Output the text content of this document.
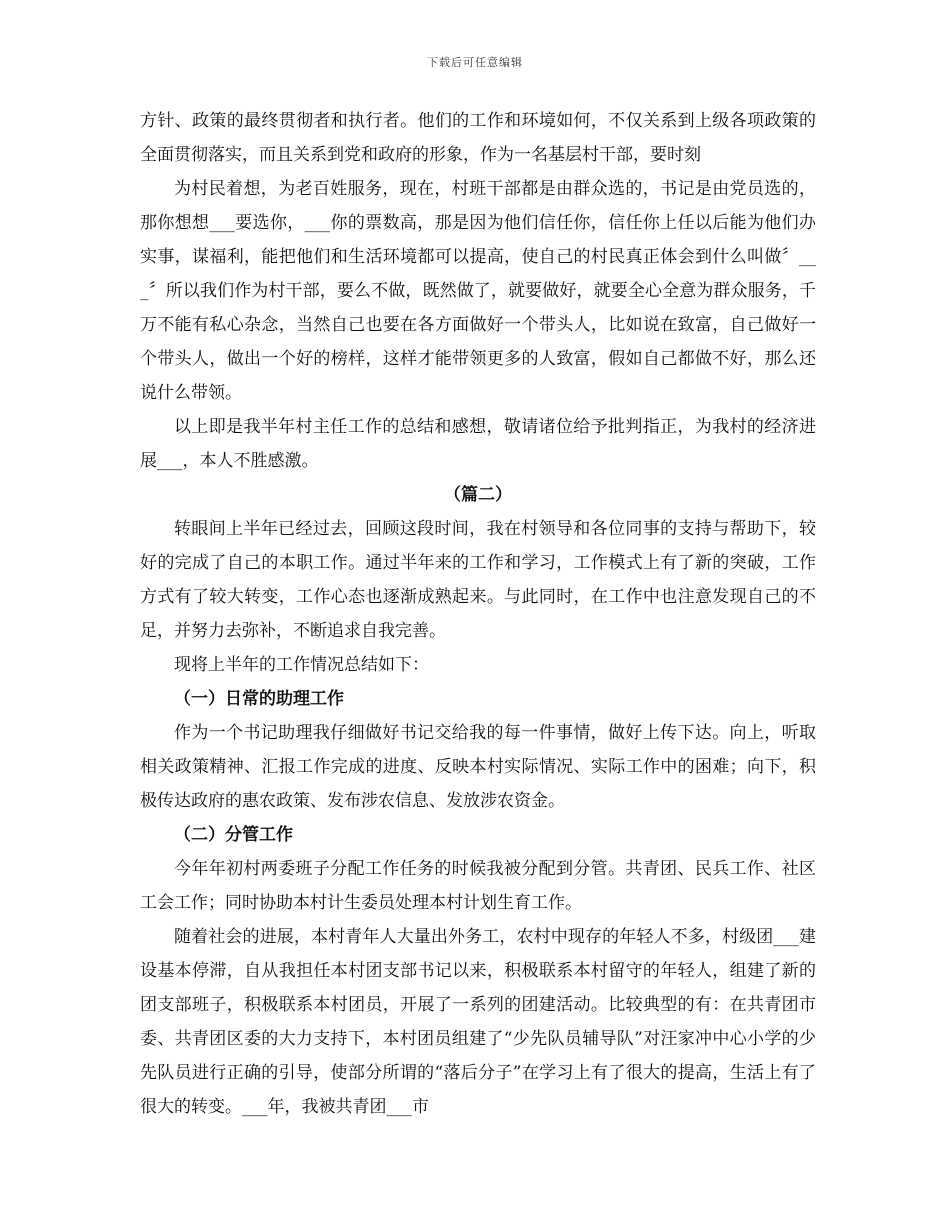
下载后可任意编辑

方针、政策的最终贯彻者和执行者。他们的工作和环境如何，不仅关系到上级各项政策的全面贯彻落实，而且关系到党和政府的形象，作为一名基层村干部，要时刻

为村民着想，为老百姓服务，现在，村班干部都是由群众选的，书记是由党员选的，那你想想___要选你，___你的票数高，那是因为他们信任你，信任你上任以后能为他们办实事，谋福利，能把他们和生活环境都可以提高，使自己的村民真正体会到什么叫做〞___〞所以我们作为村干部，要么不做，既然做了，就要做好，就要全心全意为群众服务，千万不能有私心杂念，当然自己也要在各方面做好一个带头人，比如说在致富，自己做好一个带头人，做出一个好的榜样，这样才能带领更多的人致富，假如自己都做不好，那么还说什么带领。

以上即是我半年村主任工作的总结和感想，敬请诸位给予批判指正，为我村的经济进展___，本人不胜感激。

（篇二）

转眼间上半年已经过去，回顾这段时间，我在村领导和各位同事的支持与帮助下，较好的完成了自己的本职工作。通过半年来的工作和学习，工作模式上有了新的突破，工作方式有了较大转变，工作心态也逐渐成熟起来。与此同时，在工作中也注意发现自己的不足，并努力去弥补，不断追求自我完善。

现将上半年的工作情况总结如下：

（一）日常的助理工作

作为一个书记助理我仔细做好书记交给我的每一件事情，做好上传下达。向上，听取相关政策精神、汇报工作完成的进度、反映本村实际情况、实际工作中的困难；向下，积极传达政府的惠农政策、发布涉农信息、发放涉农资金。

（二）分管工作

今年年初村两委班子分配工作任务的时候我被分配到分管。共青团、民兵工作、社区工会工作；同时协助本村计生委员处理本村计划生育工作。

随着社会的进展，本村青年人大量出外务工，农村中现存的年轻人不多，村级团___建设基本停滞，自从我担任本村团支部书记以来，积极联系本村留守的年轻人，组建了新的团支部班子，积极联系本村团员，开展了一系列的团建活动。比较典型的有：在共青团市委、共青团区委的大力支持下，本村团员组建了“少先队员辅导队”对汪家冲中心小学的少先队员进行正确的引导，使部分所谓的“落后分子”在学习上有了很大的提高，生活上有了很大的转变。___年，我被共青团___市
